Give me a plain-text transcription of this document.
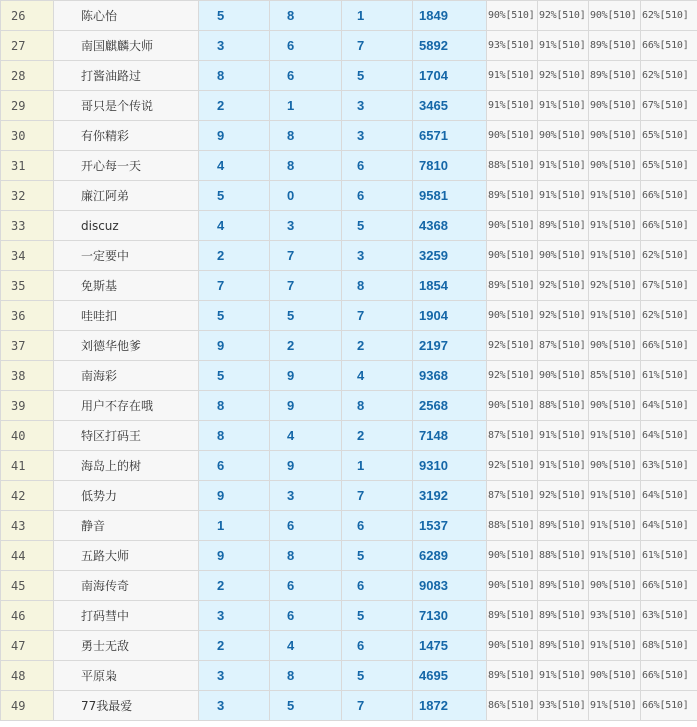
26	陈心怡	5	8	1	1849	90%[510]	92%[510]	90%[510]	62%[510]
27	南国麒麟大师	3	6	7	5892	93%[510]	91%[510]	89%[510]	66%[510]
28	打酱油路过	8	6	5	1704	91%[510]	92%[510]	89%[510]	62%[510]
29	哥只是个传说	2	1	3	3465	91%[510]	91%[510]	90%[510]	67%[510]
30	有你精彩	9	8	3	6571	90%[510]	90%[510]	90%[510]	65%[510]
31	开心每一天	4	8	6	7810	88%[510]	91%[510]	90%[510]	65%[510]
32	廉江阿弟	5	0	6	9581	89%[510]	91%[510]	91%[510]	66%[510]
33	discuz	4	3	5	4368	90%[510]	89%[510]	91%[510]	66%[510]
34	一定要中	2	7	3	3259	90%[510]	90%[510]	91%[510]	62%[510]
35	免斯基	7	7	8	1854	89%[510]	92%[510]	92%[510]	67%[510]
36	哇哇扣	5	5	7	1904	90%[510]	92%[510]	91%[510]	62%[510]
37	刘德华他爹	9	2	2	2197	92%[510]	87%[510]	90%[510]	66%[510]
38	南海彩	5	9	4	9368	92%[510]	90%[510]	85%[510]	61%[510]
39	用户不存在哦	8	9	8	2568	90%[510]	88%[510]	90%[510]	64%[510]
40	特区打码王	8	4	2	7148	87%[510]	91%[510]	91%[510]	64%[510]
41	海岛上的树	6	9	1	9310	92%[510]	91%[510]	90%[510]	63%[510]
42	低势力	9	3	7	3192	87%[510]	92%[510]	91%[510]	64%[510]
43	静音	1	6	6	1537	88%[510]	89%[510]	91%[510]	64%[510]
44	五路大师	9	8	5	6289	90%[510]	88%[510]	91%[510]	61%[510]
45	南海传奇	2	6	6	9083	90%[510]	89%[510]	90%[510]	66%[510]
46	打码彗中	3	6	5	7130	89%[510]	89%[510]	93%[510]	63%[510]
47	勇士无敌	2	4	6	1475	90%[510]	89%[510]	91%[510]	68%[510]
48	平原枭	3	8	5	4695	89%[510]	91%[510]	90%[510]	66%[510]
49	77我最爱	3	5	7	1872	86%[510]	93%[510]	91%[510]	66%[510]
